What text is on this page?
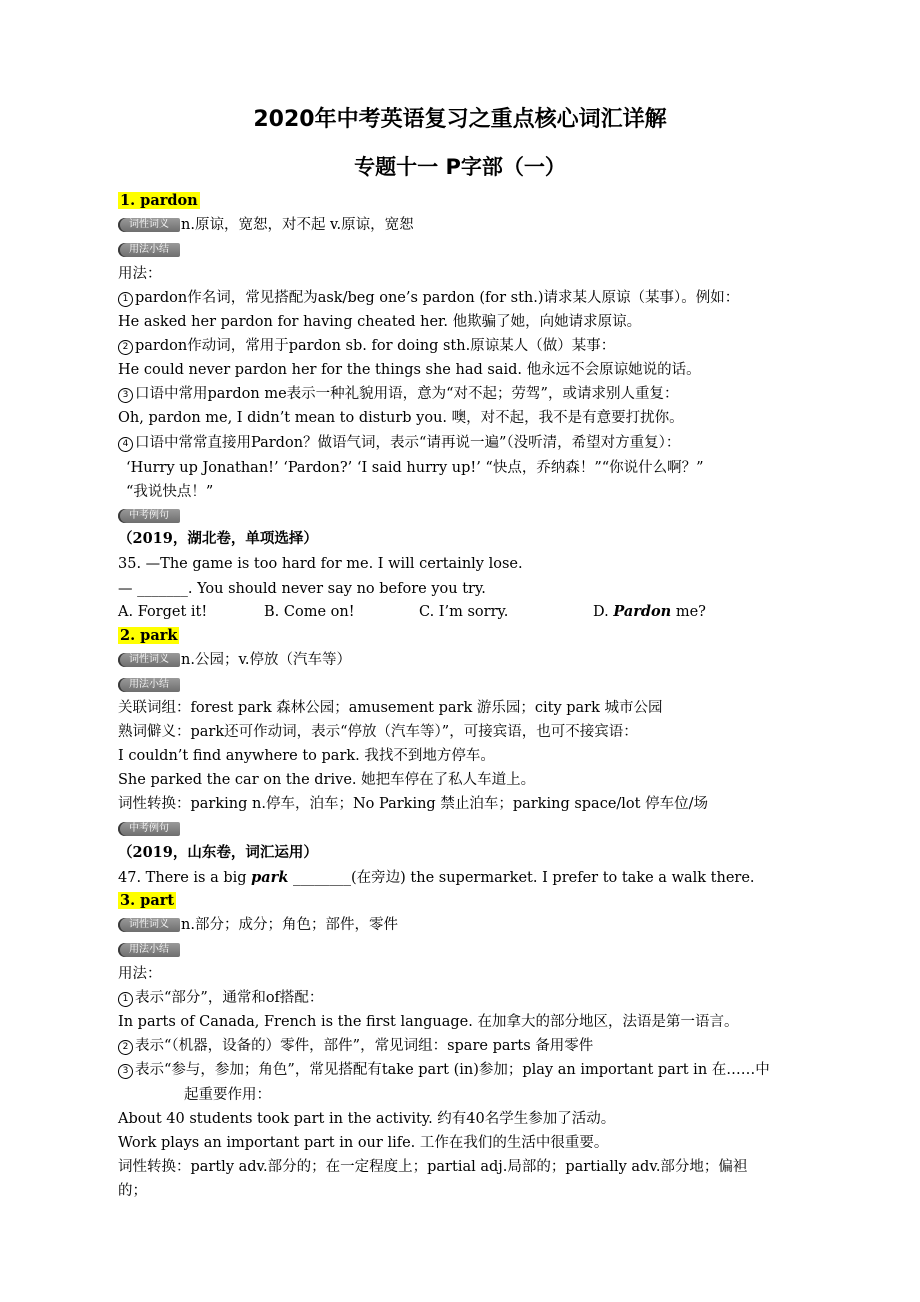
2020年中考英语复习之重点核心词汇详解
专题十一 P字部（一）
1. pardon
词性词义 n.原谅，宽恕，对不起 v.原谅，宽恕
用法小结
用法：
1 pardon作名词，常见搭配为ask/beg one’s pardon (for sth.)请求某人原谅（某事）。例如：
He asked her pardon for having cheated her. 他欺骗了她，向她请求原谅。
2 pardon作动词，常用于pardon sb. for doing sth.原谅某人（做）某事：
He could never pardon her for the things she had said. 他永远不会原谅她说的话。
3 口语中常用pardon me表示一种礼貌用语，意为“对不起；劳驾”，或请求别人重复：
Oh, pardon me, I didn’t mean to disturb you. 噢，对不起，我不是有意要打扰你。
4 口语中常常直接用Pardon？做语气词，表示“请再说一遍”（没听清，希望对方重复）：
‘Hurry up Jonathan!’ ‘Pardon?’ ‘I said hurry up!’ “快点，乔纳森！”“你说什么啊？”
“我说快点！”
中考例句
（2019，湖北卷，单项选择）
35. —The game is too hard for me. I will certainly lose.
— _______. You should never say no before you try.
A. Forget it!	B. Come on!	C. I’m sorry.	D. Pardon me?
2. park
词性词义 n.公园；v.停放（汽车等）
用法小结
关联词组：forest park 森林公园；amusement park 游乐园；city park 城市公园
熟词僻义：park还可作动词，表示“停放（汽车等）”，可接宾语，也可不接宾语：
I couldn’t find anywhere to park. 我找不到地方停车。
She parked the car on the drive. 她把车停在了私人车道上。
词性转换：parking n.停车，泊车；No Parking 禁止泊车；parking space/lot 停车位/场
中考例句
（2019，山东卷，词汇运用）
47. There is a big park ________(在旁边) the supermarket. I prefer to take a walk there.
3. part
词性词义 n.部分；成分；角色；部件，零件
用法小结
用法：
1 表示“部分”，通常和of搭配：
In parts of Canada, French is the first language. 在加拿大的部分地区，法语是第一语言。
2 表示“（机器，设备的）零件，部件”，常见词组：spare parts 备用零件
3 表示“参与，参加；角色”，常见搭配有take part (in)参加；play an important part in 在……中
起重要作用：
About 40 students took part in the activity. 约有40名学生参加了活动。
Work plays an important part in our life. 工作在我们的生活中很重要。
词性转换：partly adv.部分的；在一定程度上；partial adj.局部的；partially adv.部分地；偏袒
的；
